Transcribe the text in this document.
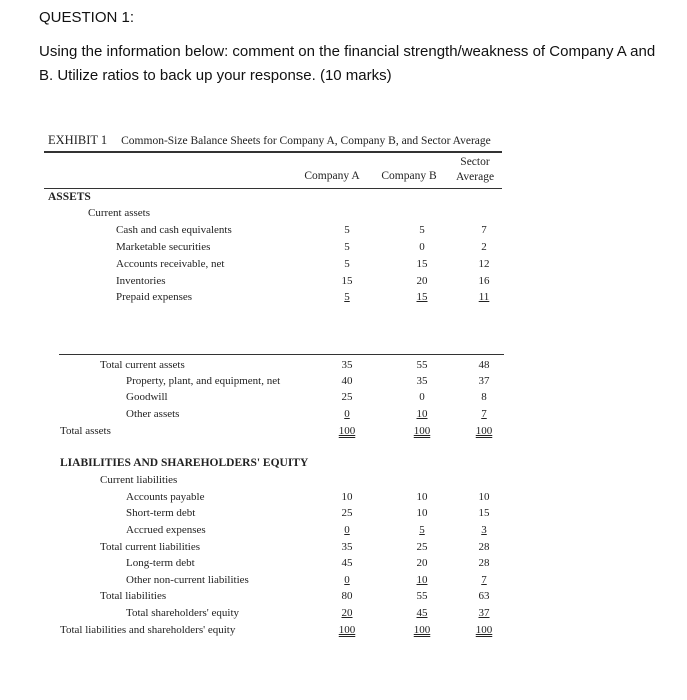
QUESTION 1:
Using the information below: comment on the financial strength/weakness of Company A and
B. Utilize ratios to back up your response. (10 marks)
EXHIBIT 1 Common-Size Balance Sheets for Company A, Company B, and Sector Average
Company A	Company B
Sector
Average
ASSETS
Current assets
Cash and cash equivalents	5	5	7
Marketable securities	5	0	2
Accounts receivable, net	5	15	12
Inventories	15	20	16
Prepaid expenses	5	15	11
Total current assets	35	55	48
Property, plant, and equipment, net	40	35	37
Goodwill	25	0	8
Other assets	0	10	7
Total assets	100	100	100
LIABILITIES AND SHAREHOLDERS' EQUITY
Current liabilities
Accounts payable	10	10	10
Short-term debt	25	10	15
Accrued expenses	0	5	3
Total current liabilities	35	25	28
Long-term debt	45	20	28
Other non-current liabilities	0	10	7
Total liabilities	80	55	63
Total shareholders' equity	20	45	37
Total liabilities and shareholders' equity	100	100	100
